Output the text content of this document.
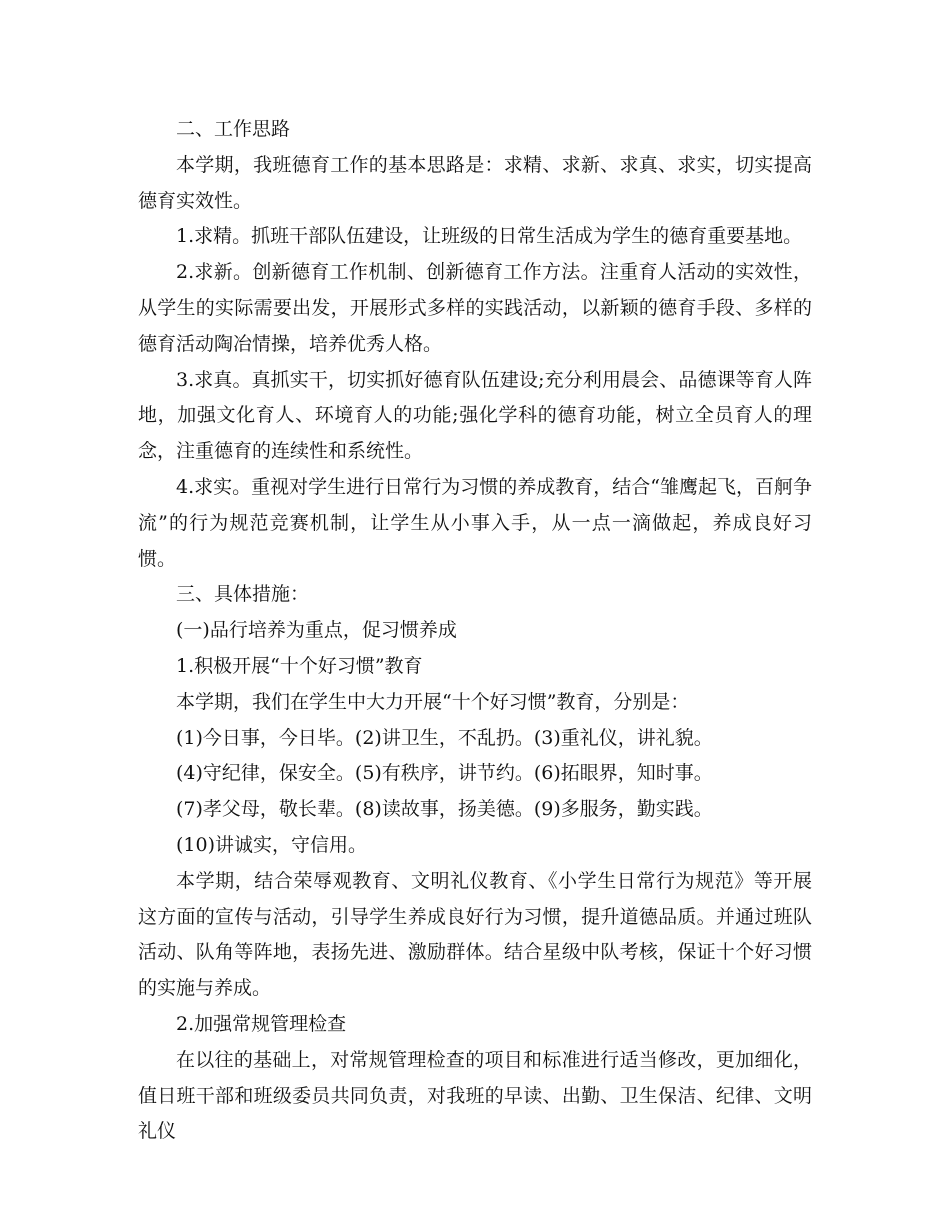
二、工作思路

本学期，我班德育工作的基本思路是：求精、求新、求真、求实，切实提高德育实效性。

1.求精。抓班干部队伍建设，让班级的日常生活成为学生的德育重要基地。

2.求新。创新德育工作机制、创新德育工作方法。注重育人活动的实效性，从学生的实际需要出发，开展形式多样的实践活动，以新颖的德育手段、多样的德育活动陶冶情操，培养优秀人格。

3.求真。真抓实干，切实抓好德育队伍建设;充分利用晨会、品德课等育人阵地，加强文化育人、环境育人的功能;强化学科的德育功能，树立全员育人的理念，注重德育的连续性和系统性。

4.求实。重视对学生进行日常行为习惯的养成教育，结合“雏鹰起飞，百舸争流”的行为规范竞赛机制，让学生从小事入手，从一点一滴做起，养成良好习惯。

三、具体措施：

(一)品行培养为重点，促习惯养成

1.积极开展“十个好习惯”教育

本学期，我们在学生中大力开展“十个好习惯”教育，分别是：

(1)今日事，今日毕。(2)讲卫生，不乱扔。(3)重礼仪，讲礼貌。

(4)守纪律，保安全。(5)有秩序，讲节约。(6)拓眼界，知时事。

(7)孝父母，敬长辈。(8)读故事，扬美德。(9)多服务，勤实践。

(10)讲诚实，守信用。

本学期，结合荣辱观教育、文明礼仪教育、《小学生日常行为规范》等开展这方面的宣传与活动，引导学生养成良好行为习惯，提升道德品质。并通过班队活动、队角等阵地，表扬先进、激励群体。结合星级中队考核，保证十个好习惯的实施与养成。

2.加强常规管理检查

在以往的基础上，对常规管理检查的项目和标准进行适当修改，更加细化，值日班干部和班级委员共同负责，对我班的早读、出勤、卫生保洁、纪律、文明礼仪
